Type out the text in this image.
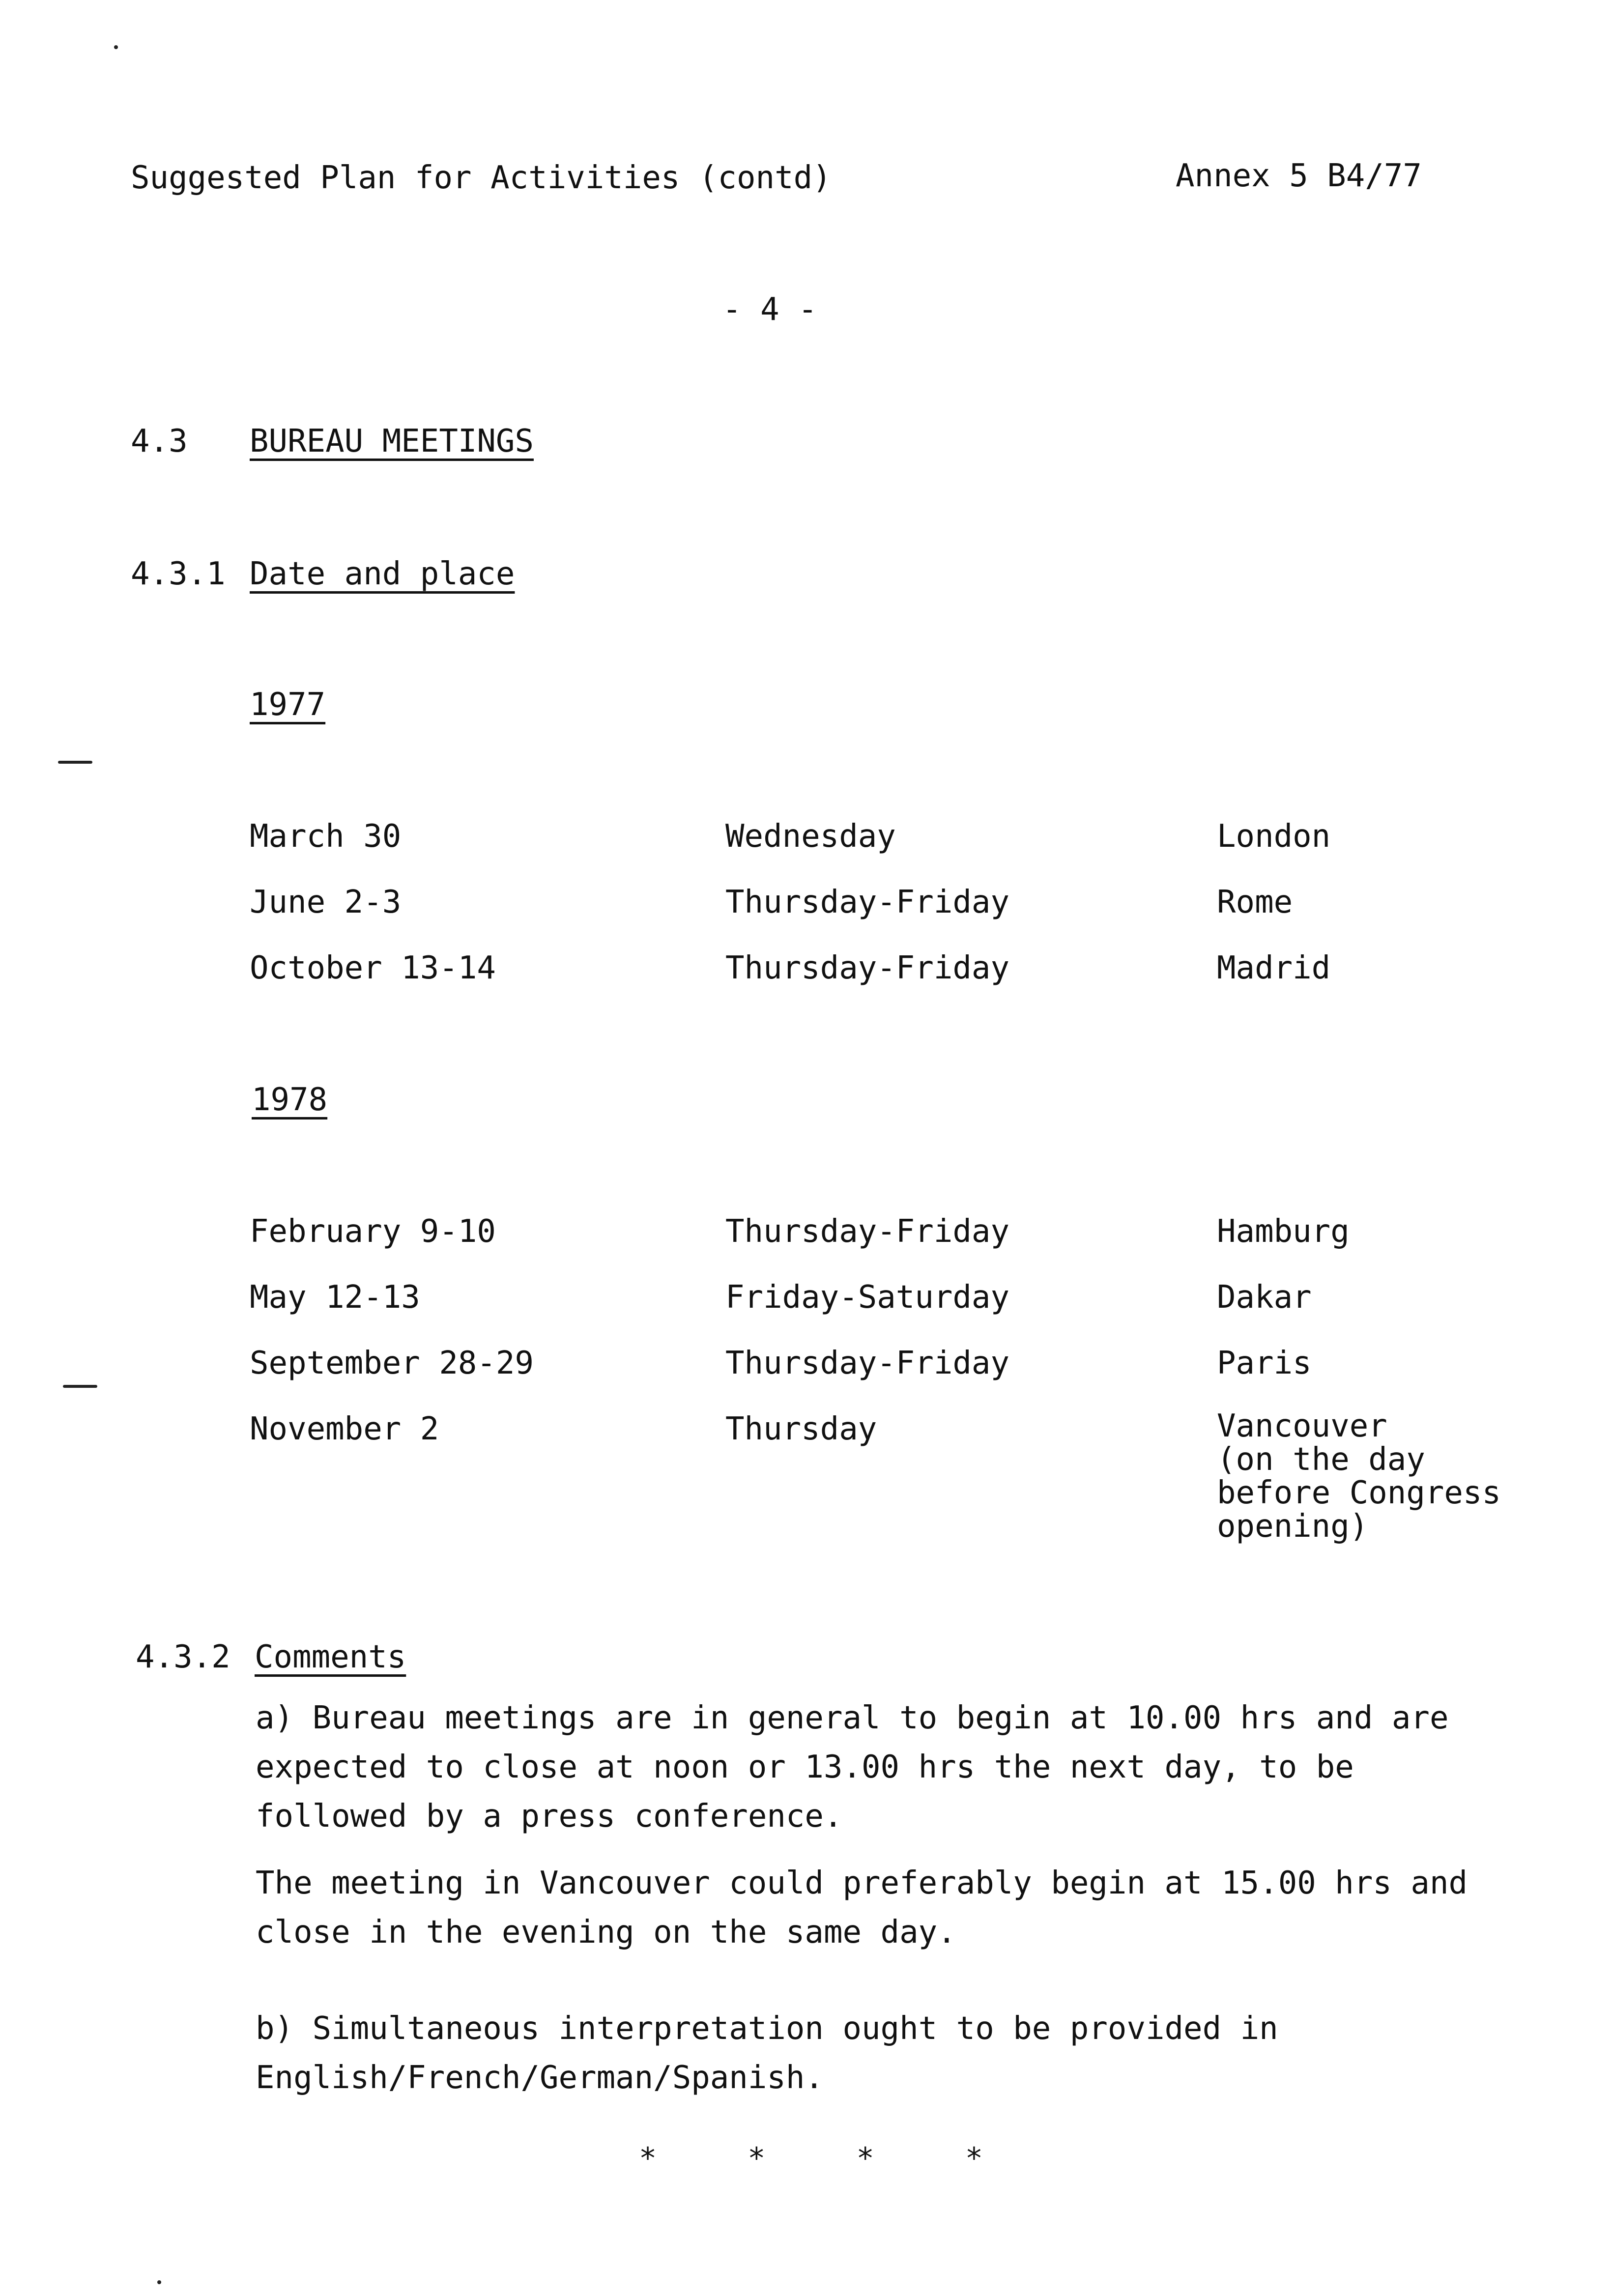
Suggested Plan for Activities (contd)	Annex 5 B4/77
- 4 -
4.3 BUREAU MEETINGS
4.3.1 Date and place
1977
March 30	Wednesday	London
June 2-3	Thursday-Friday	Rome
October 13-14	Thursday-Friday	Madrid
1978
February 9-10	Thursday-Friday	Hamburg
May 12-13	Friday-Saturday	Dakar
September 28-29	Thursday-Friday	Paris
November 2	Thursday	Vancouver
(on the day
before Congress
opening)
4.3.2 Comments
a) Bureau meetings are in general to begin at 10.00 hrs and are expected to close at noon or 13.00 hrs the next day, to be followed by a press conference.
The meeting in Vancouver could preferably begin at 15.00 hrs and close in the evening on the same day.
b) Simultaneous interpretation ought to be provided in English/French/German/Spanish.
*	*	*	*
